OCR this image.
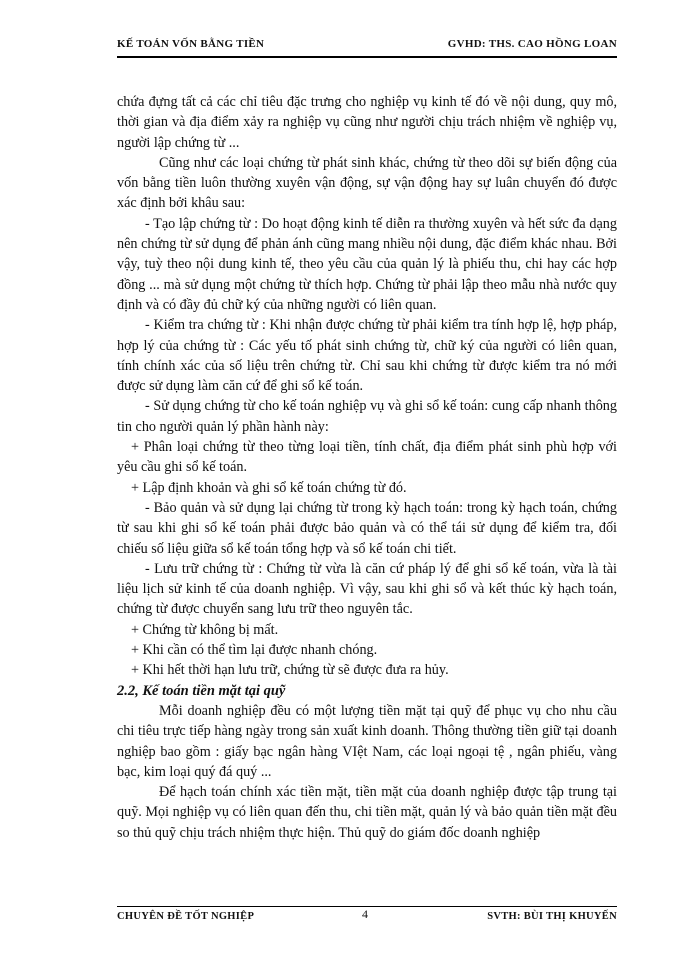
KẾ TOÁN VỐN BẰNG TIỀN	GVHD: THS. CAO HỒNG LOAN

chứa đựng tất cả các chỉ tiêu đặc trưng cho nghiệp vụ kinh tế đó về nội dung, quy mô, thời gian và địa điểm xảy ra nghiệp vụ cũng như người chịu trách nhiệm về nghiệp vụ, người lập chứng từ ...

Cũng như các loại chứng từ phát sinh khác, chứng từ theo dõi sự biến động của vốn bằng tiền luôn thường xuyên vận động, sự vận động hay sự luân chuyển đó được xác định bởi khâu sau:

- Tạo lập chứng từ : Do hoạt động kinh tế diễn ra thường xuyên và hết sức đa dạng nên chứng từ sử dụng để phản ánh cũng mang nhiều nội dung, đặc điểm khác nhau. Bởi vậy, tuỳ theo nội dung kinh tế, theo yêu cầu của quản lý là phiếu thu, chi hay các hợp đồng ... mà sử dụng một chứng từ thích hợp. Chứng từ phải lập theo mẫu nhà nước quy định và có đầy đủ chữ ký của những người có liên quan.

- Kiểm tra chứng từ : Khi nhận được chứng từ phải kiểm tra tính hợp lệ, hợp pháp, hợp lý của chứng từ : Các yếu tố phát sinh chứng từ, chữ ký của người có liên quan, tính chính xác của số liệu trên chứng từ. Chỉ sau khi chứng từ được kiểm tra nó mới được sử dụng làm căn cứ để ghi sổ kế toán.

- Sử dụng chứng từ cho kế toán nghiệp vụ và ghi sổ kế toán: cung cấp nhanh thông tin cho người quản lý phần hành này:

+ Phân loại chứng từ theo từng loại tiền, tính chất, địa điểm phát sinh phù hợp với yêu cầu ghi sổ kế toán.

+ Lập định khoản và ghi sổ kế toán chứng từ đó.

- Bảo quản và sử dụng lại chứng từ trong kỳ hạch toán: trong kỳ hạch toán, chứng từ sau khi ghi sổ kế toán phải được bảo quản và có thể tái sử dụng để kiểm tra, đối chiếu số liệu giữa sổ kế toán tổng hợp và sổ kế toán chi tiết.

- Lưu trữ chứng từ : Chứng từ vừa là căn cứ pháp lý để ghi sổ kế toán, vừa là tài liệu lịch sử kinh tế của doanh nghiệp. Vì vậy, sau khi ghi sổ và kết thúc kỳ hạch toán, chứng từ được chuyển sang lưu trữ theo nguyên tắc.

+ Chứng từ không bị mất.

+ Khi cần có thể tìm lại được nhanh chóng.

+ Khi hết thời hạn lưu trữ, chứng từ sẽ được đưa ra hủy.

2.2, Kế toán tiền mặt tại quỹ

Mỗi doanh nghiệp đều có một lượng tiền mặt tại quỹ để phục vụ cho nhu cầu chi tiêu trực tiếp hàng ngày trong sản xuất kinh doanh. Thông thường tiền giữ tại doanh nghiệp bao gồm : giấy bạc ngân hàng VIệt Nam, các loại ngoại tệ , ngân phiếu, vàng bạc, kim loại quý đá quý ...

Để hạch toán chính xác tiền mặt, tiền mặt của doanh nghiệp được tập trung tại quỹ. Mọi nghiệp vụ có liên quan đến thu, chi tiền mặt, quản lý và bảo quản tiền mặt đều so thủ quỹ chịu trách nhiệm thực hiện. Thủ quỹ do giám đốc doanh nghiệp

CHUYÊN ĐỀ TỐT NGHIỆP	4	SVTH: BÙI THỊ KHUYẾN
